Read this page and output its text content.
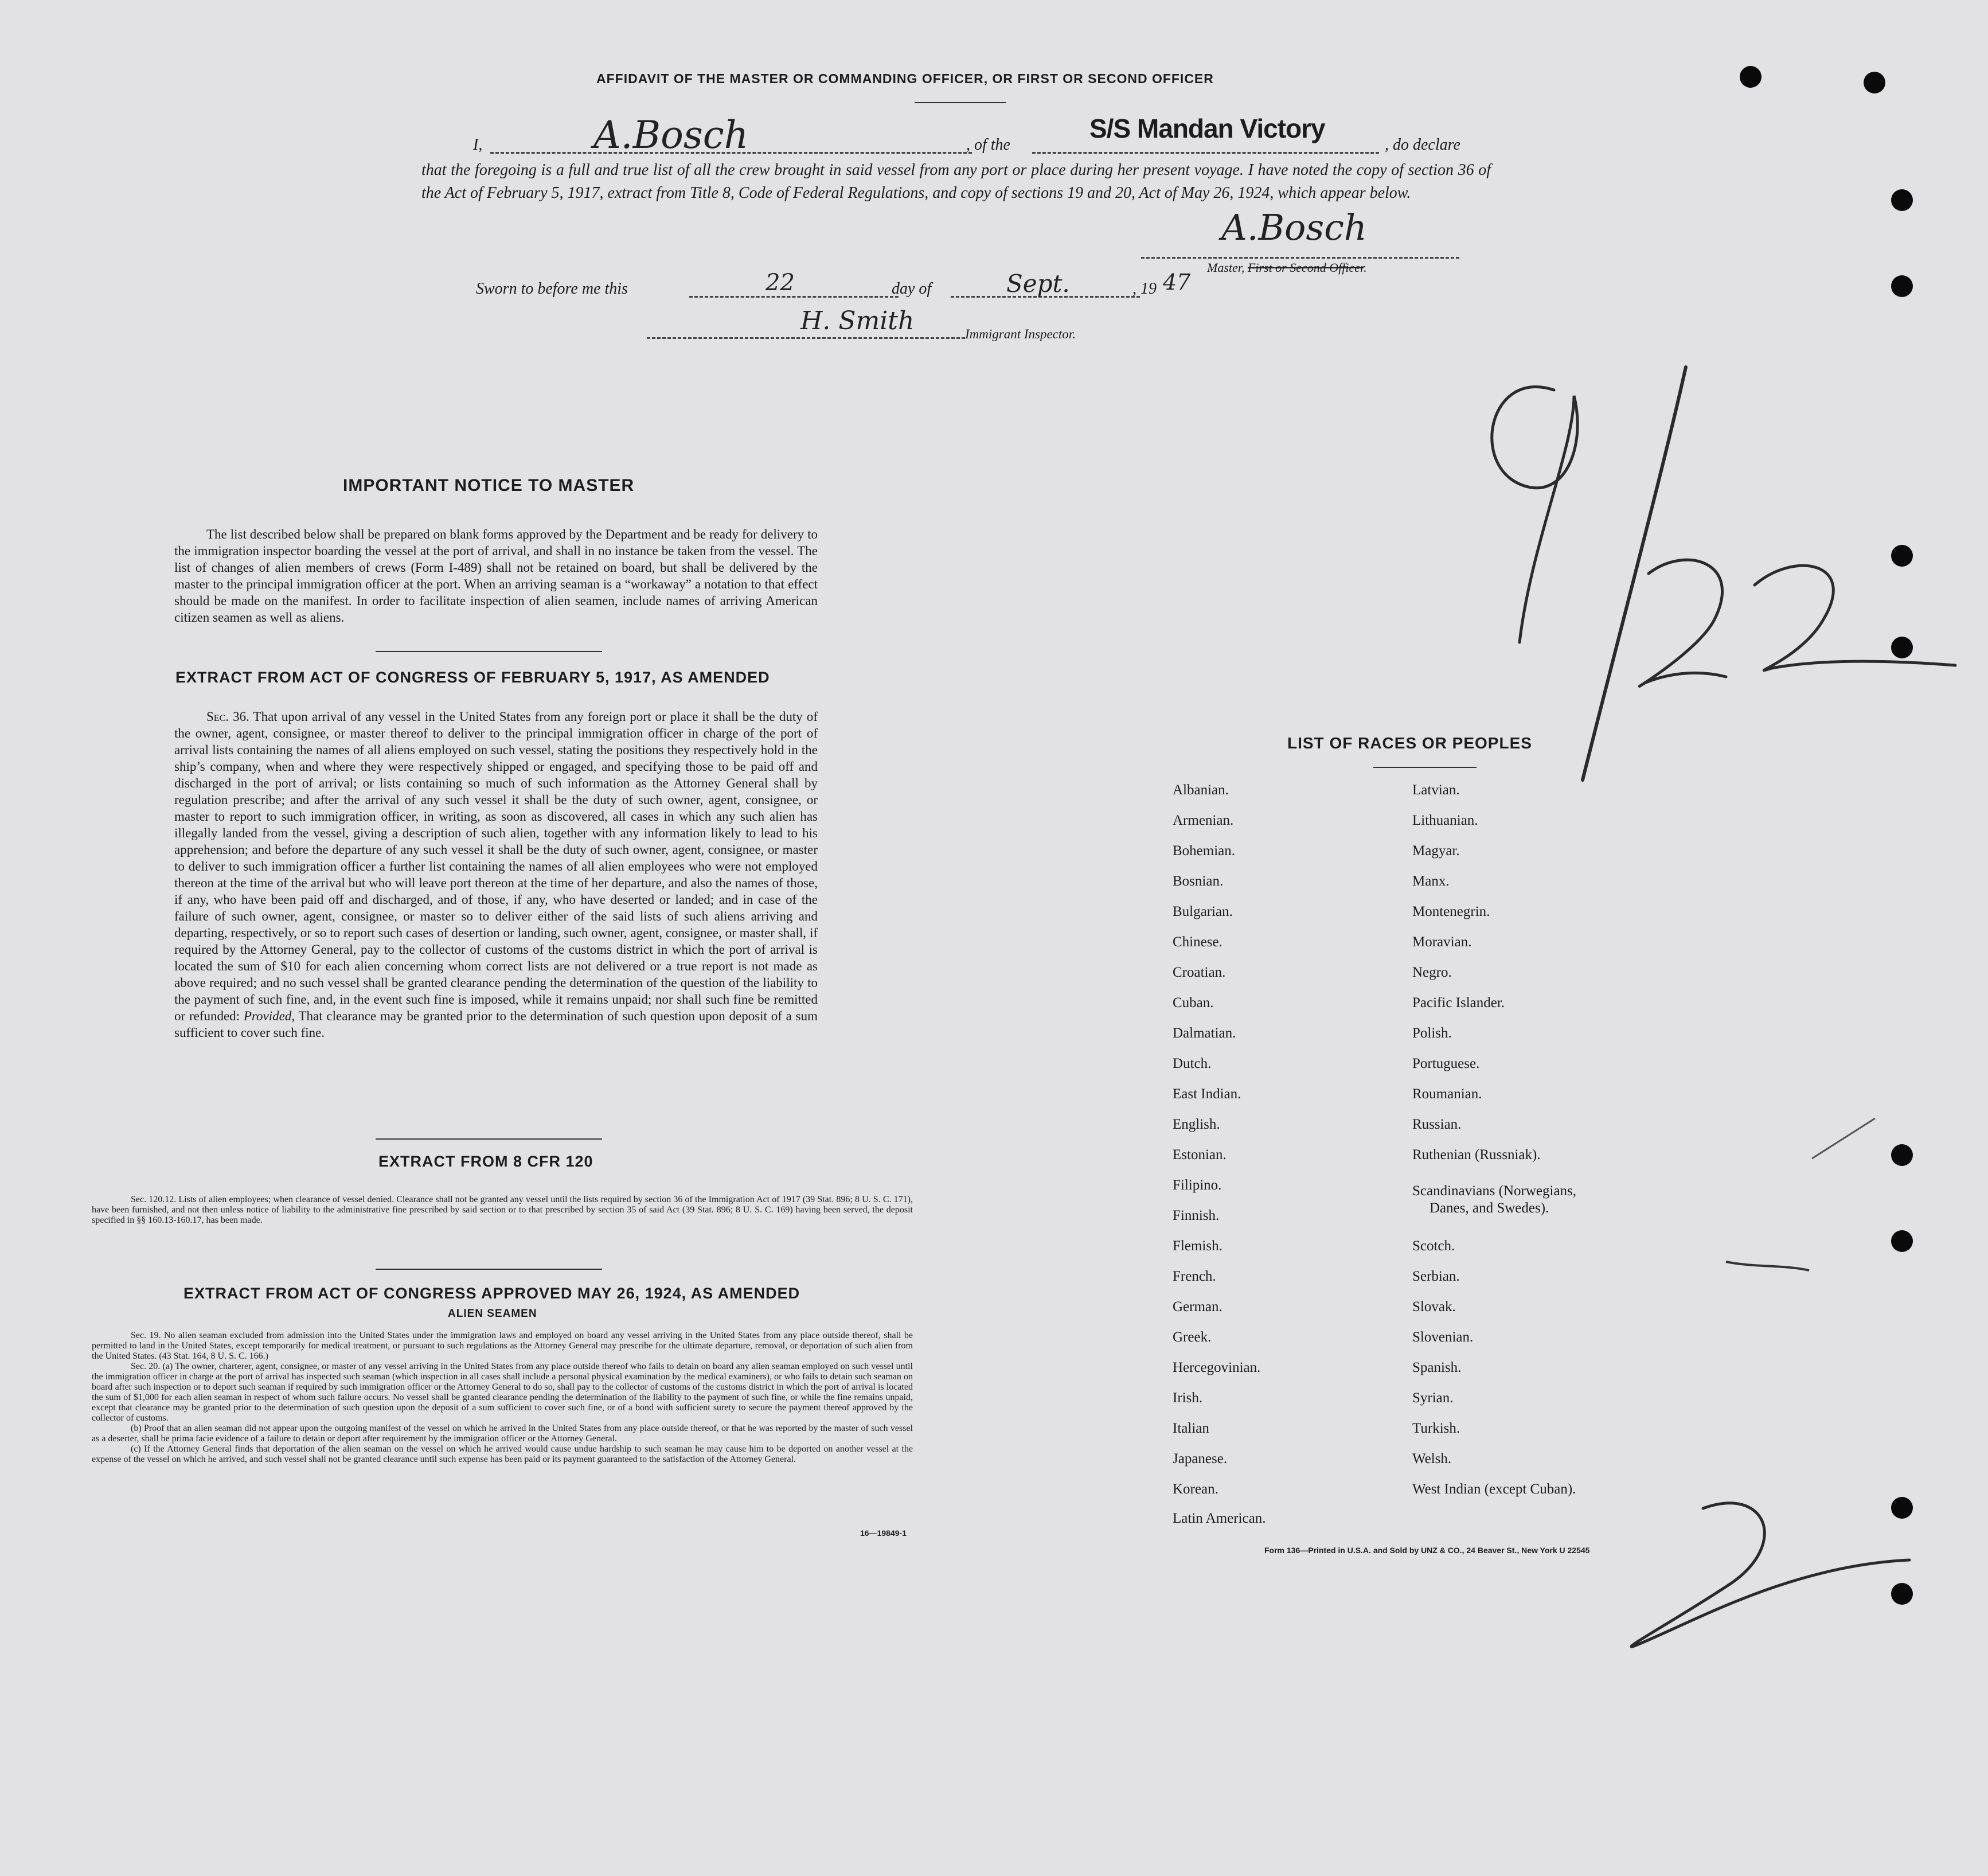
AFFIDAVIT OF THE MASTER OR COMMANDING OFFICER, OR FIRST OR SECOND OFFICER
I,	A.Bosch	, of the
S/S Mandan Victory
, do declare
that the foregoing is a full and true list of all the crew brought in said vessel from any port or place during her present voyage. I have noted the copy of section 36 of the Act of February 5, 1917, extract from Title 8, Code of Federal Regulations, and copy of sections 19 and 20, Act of May 26, 1924, which appear below.
A.Bosch
Master, First or Second Officer.
Sworn to before me this	22	day of	Sept.	, 19 47
H. Smith	Immigrant Inspector.
IMPORTANT NOTICE TO MASTER
The list described below shall be prepared on blank forms approved by the Department and be ready for delivery to the immigration inspector boarding the vessel at the port of arrival, and shall in no instance be taken from the vessel. The list of changes of alien members of crews (Form I-489) shall not be retained on board, but shall be delivered by the master to the principal immigration officer at the port. When an arriving seaman is a “workaway” a notation to that effect should be made on the manifest. In order to facilitate inspection of alien seamen, include names of arriving American citizen seamen as well as aliens.
EXTRACT FROM ACT OF CONGRESS OF FEBRUARY 5, 1917, AS AMENDED
Sec. 36. That upon arrival of any vessel in the United States from any foreign port or place it shall be the duty of the owner, agent, consignee, or master thereof to deliver to the principal immigration officer in charge of the port of arrival lists containing the names of all aliens employed on such vessel, stating the positions they respectively hold in the ship’s company, when and where they were respectively shipped or engaged, and specifying those to be paid off and discharged in the port of arrival; or lists containing so much of such information as the Attorney General shall by regulation prescribe; and after the arrival of any such vessel it shall be the duty of such owner, agent, consignee, or master to report to such immigration officer, in writing, as soon as discovered, all cases in which any such alien has illegally landed from the vessel, giving a description of such alien, together with any information likely to lead to his apprehension; and before the departure of any such vessel it shall be the duty of such owner, agent, consignee, or master to deliver to such immigration officer a further list containing the names of all alien employees who were not employed thereon at the time of the arrival but who will leave port thereon at the time of her departure, and also the names of those, if any, who have been paid off and discharged, and of those, if any, who have deserted or landed; and in case of the failure of such owner, agent, consignee, or master so to deliver either of the said lists of such aliens arriving and departing, respectively, or so to report such cases of desertion or landing, such owner, agent, consignee, or master shall, if required by the Attorney General, pay to the collector of customs of the customs district in which the port of arrival is located the sum of $10 for each alien concerning whom correct lists are not delivered or a true report is not made as above required; and no such vessel shall be granted clearance pending the determination of the question of the liability to the payment of such fine, and, in the event such fine is imposed, while it remains unpaid; nor shall such fine be remitted or refunded: Provided, That clearance may be granted prior to the determination of such question upon deposit of a sum sufficient to cover such fine.
EXTRACT FROM 8 CFR 120
Sec. 120.12. Lists of alien employees; when clearance of vessel denied. Clearance shall not be granted any vessel until the lists required by section 36 of the Immigration Act of 1917 (39 Stat. 896; 8 U. S. C. 171), have been furnished, and not then unless notice of liability to the administrative fine prescribed by said section or to that prescribed by section 35 of said Act (39 Stat. 896; 8 U. S. C. 169) having been served, the deposit specified in §§ 160.13-160.17, has been made.
EXTRACT FROM ACT OF CONGRESS APPROVED MAY 26, 1924, AS AMENDED
ALIEN SEAMEN
Sec. 19. No alien seaman excluded from admission into the United States under the immigration laws and employed on board any vessel arriving in the United States from any place outside thereof, shall be permitted to land in the United States, except temporarily for medical treatment, or pursuant to such regulations as the Attorney General may prescribe for the ultimate departure, removal, or deportation of such alien from the United States. (43 Stat. 164, 8 U. S. C. 166.)
Sec. 20. (a) The owner, charterer, agent, consignee, or master of any vessel arriving in the United States from any place outside thereof who fails to detain on board any alien seaman employed on such vessel until the immigration officer in charge at the port of arrival has inspected such seaman (which inspection in all cases shall include a personal physical examination by the medical examiners), or who fails to detain such seaman on board after such inspection or to deport such seaman if required by such immigration officer or the Attorney General to do so, shall pay to the collector of customs of the customs district in which the port of arrival is located the sum of $1,000 for each alien seaman in respect of whom such failure occurs. No vessel shall be granted clearance pending the determination of the liability to the payment of such fine, or while the fine remains unpaid, except that clearance may be granted prior to the determination of such question upon the deposit of a sum sufficient to cover such fine, or of a bond with sufficient surety to secure the payment thereof approved by the collector of customs.
(b) Proof that an alien seaman did not appear upon the outgoing manifest of the vessel on which he arrived in the United States from any place outside thereof, or that he was reported by the master of such vessel as a deserter, shall be prima facie evidence of a failure to detain or deport after requirement by the immigration officer or the Attorney General.
(c) If the Attorney General finds that deportation of the alien seaman on the vessel on which he arrived would cause undue hardship to such seaman he may cause him to be deported on another vessel at the expense of the vessel on which he arrived, and such vessel shall not be granted clearance until such expense has been paid or its payment guaranteed to the satisfaction of the Attorney General.
16—19849-1
LIST OF RACES OR PEOPLES
Albanian.
Armenian.
Bohemian.
Bosnian.
Bulgarian.
Chinese.
Croatian.
Cuban.
Dalmatian.
Dutch.
East Indian.
English.
Estonian.
Filipino.
Finnish.
Flemish.
French.
German.
Greek.
Hercegovinian.
Irish.
Italian
Japanese.
Korean.
Latin American.
Latvian.
Lithuanian.
Magyar.
Manx.
Montenegrin.
Moravian.
Negro.
Pacific Islander.
Polish.
Portuguese.
Roumanian.
Russian.
Ruthenian (Russniak).
Scandinavians (Norwegians,
Danes, and Swedes).
Scotch.
Serbian.
Slovak.
Slovenian.
Spanish.
Syrian.
Turkish.
Welsh.
West Indian (except Cuban).
Form 136—Printed in U.S.A. and Sold by UNZ & CO., 24 Beaver St., New York U 22545
